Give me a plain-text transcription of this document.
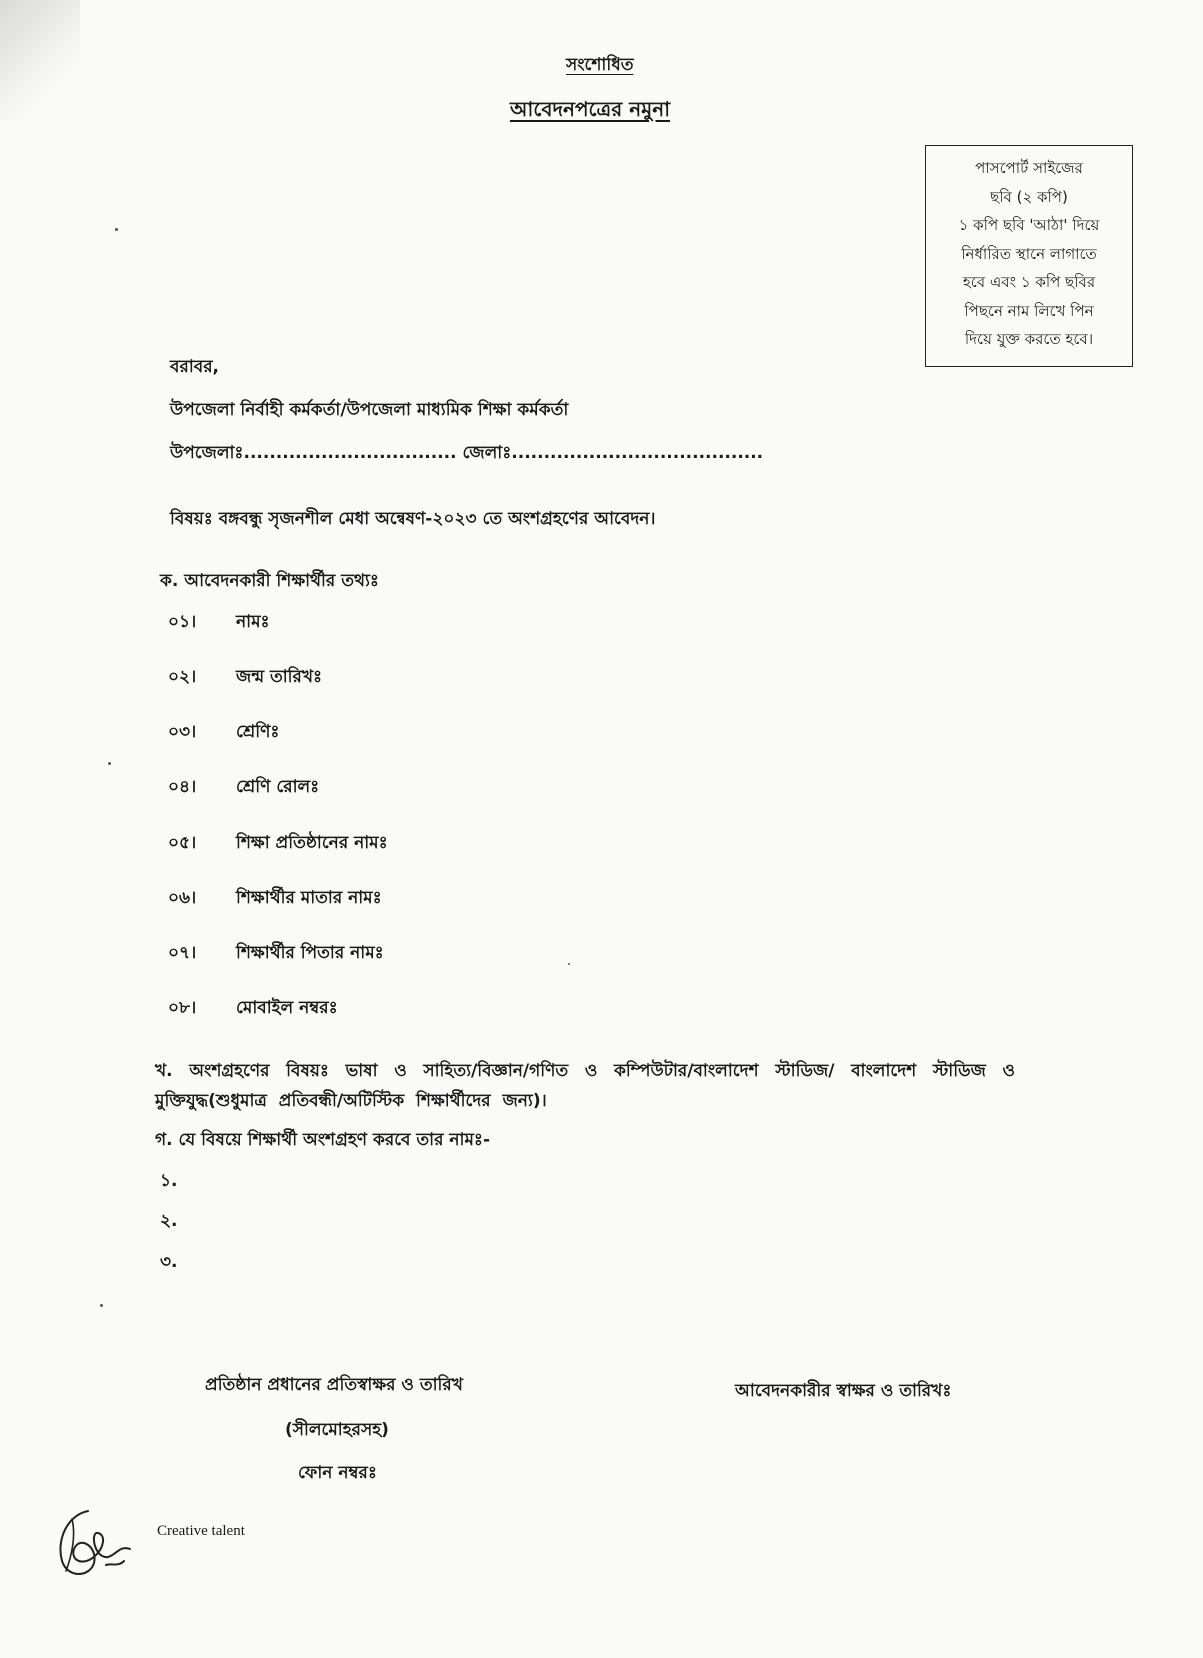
সংশোধিত
আবেদনপত্রের নমুনা
পাসপোর্ট সাইজের
ছবি (২ কপি)
১ কপি ছবি 'আঠা' দিয়ে
নির্ধারিত স্থানে লাগাতে
হবে এবং ১ কপি ছবির
পিছনে নাম লিখে পিন
দিয়ে যুক্ত করতে হবে।
বরাবর,
উপজেলা নির্বাহী কর্মকর্তা/উপজেলা মাধ্যমিক শিক্ষা কর্মকর্তা
উপজেলাঃ................................. জেলাঃ.......................................
বিষয়ঃ বঙ্গবন্ধু সৃজনশীল মেধা অন্বেষণ-২০২৩ তে অংশগ্রহণের আবেদন।
ক. আবেদনকারী শিক্ষার্থীর তথ্যঃ
০১। নামঃ
০২। জন্ম তারিখঃ
০৩। শ্রেণিঃ
০৪। শ্রেণি রোলঃ
০৫। শিক্ষা প্রতিষ্ঠানের নামঃ
০৬। শিক্ষার্থীর মাতার নামঃ
০৭। শিক্ষার্থীর পিতার নামঃ
০৮। মোবাইল নম্বরঃ
খ. অংশগ্রহণের বিষয়ঃ ভাষা ও সাহিত্য/বিজ্ঞান/গণিত ও কম্পিউটার/বাংলাদেশ স্টাডিজ/ বাংলাদেশ স্টাডিজ ও মুক্তিযুদ্ধ(শুধুমাত্র প্রতিবন্ধী/অটিস্টিক শিক্ষার্থীদের জন্য)।
গ. যে বিষয়ে শিক্ষার্থী অংশগ্রহণ করবে তার নামঃ-
১.
২.
৩.
প্রতিষ্ঠান প্রধানের প্রতিস্বাক্ষর ও তারিখ
(সীলমোহরসহ)
ফোন নম্বরঃ
আবেদনকারীর স্বাক্ষর ও তারিখঃ
Creative talent
